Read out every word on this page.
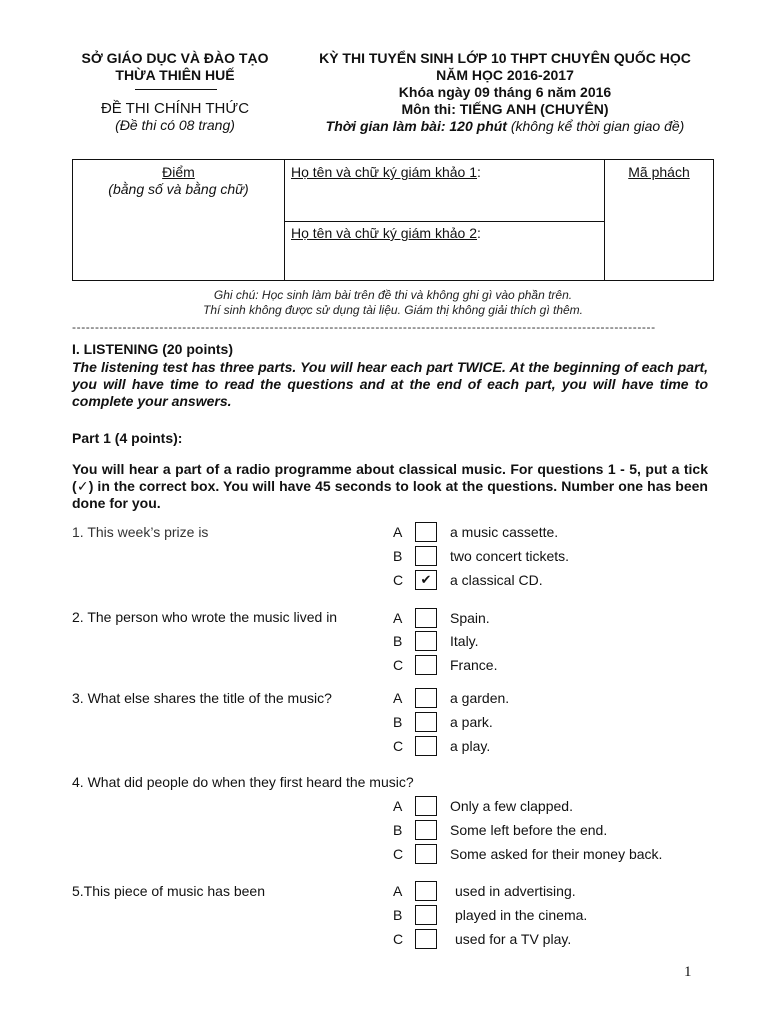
SỞ GIÁO DỤC VÀ ĐÀO TẠO
THỪA THIÊN HUẾ
ĐỀ THI CHÍNH THỨC
(Đề thi có 08 trang)
KỲ THI TUYỂN SINH LỚP 10 THPT CHUYÊN QUỐC HỌC
NĂM HỌC 2016-2017
Khóa ngày 09 tháng 6 năm 2016
Môn thi: TIẾNG ANH (CHUYÊN)
Thời gian làm bài: 120 phút (không kể thời gian giao đề)
Điểm
(bằng số và bằng chữ)
Họ tên và chữ ký giám khảo 1:
Họ tên và chữ ký giám khảo 2:
Mã phách
Ghi chú: Học sinh làm bài trên đề thi và không ghi gì vào phần trên.
Thí sinh không được sử dụng tài liệu. Giám thị không giải thích gì thêm.
-------------------------------------------------------------------------------------------------------------------------------
I. LISTENING (20 points)
The listening test has three parts. You will hear each part TWICE. At the beginning of each part, you will have time to read the questions and at the end of each part, you will have time to complete your answers.
Part 1 (4 points):
You will hear a part of a radio programme about classical music. For questions 1 - 5, put a tick (✓) in the correct box. You will have 45 seconds to look at the questions. Number one has been done for you.
1. This week’s prize is	A	a music cassette.
B	two concert tickets.
C	✔	a classical CD.
2. The person who wrote the music lived in	A	Spain.
B	Italy.
C	France.
3. What else shares the title of the music?	A	a garden.
B	a park.
C	a play.
4. What did people do when they first heard the music?
A	Only a few clapped.
B	Some left before the end.
C	Some asked for their money back.
5.This piece of music has been	A	used in advertising.
B	played in the cinema.
C	used for a TV play.
1
